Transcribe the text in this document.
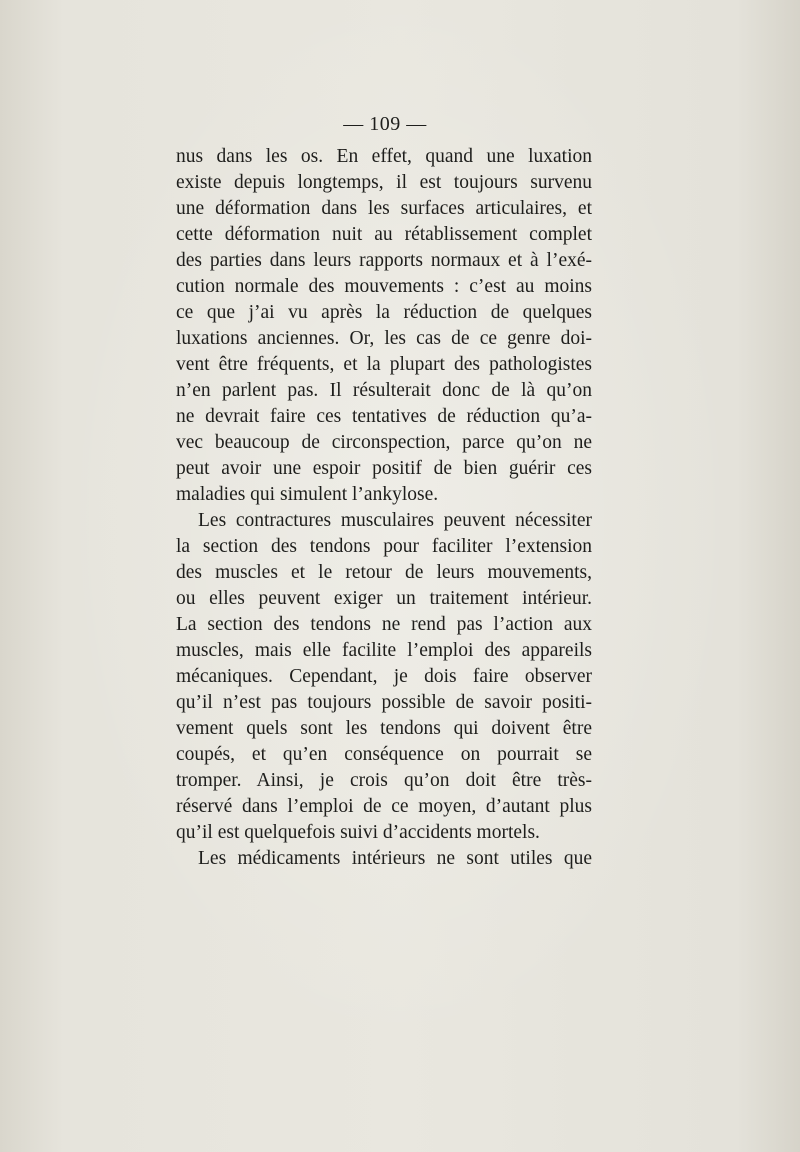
— 109 —
nus dans les os. En effet, quand une luxation
existe depuis longtemps, il est toujours survenu
une déformation dans les surfaces articulaires, et
cette déformation nuit au rétablissement complet
des parties dans leurs rapports normaux et à l’exé-
cution normale des mouvements : c’est au moins
ce que j’ai vu après la réduction de quelques
luxations anciennes. Or, les cas de ce genre doi-
vent être fréquents, et la plupart des pathologistes
n’en parlent pas. Il résulterait donc de là qu’on
ne devrait faire ces tentatives de réduction qu’a-
vec beaucoup de circonspection, parce qu’on ne
peut avoir une espoir positif de bien guérir ces
maladies qui simulent l’ankylose.
Les contractures musculaires peuvent nécessiter
la section des tendons pour faciliter l’extension
des muscles et le retour de leurs mouvements,
ou elles peuvent exiger un traitement intérieur.
La section des tendons ne rend pas l’action aux
muscles, mais elle facilite l’emploi des appareils
mécaniques. Cependant, je dois faire observer
qu’il n’est pas toujours possible de savoir positi-
vement quels sont les tendons qui doivent être
coupés, et qu’en conséquence on pourrait se
tromper. Ainsi, je crois qu’on doit être très-
réservé dans l’emploi de ce moyen, d’autant plus
qu’il est quelquefois suivi d’accidents mortels.
Les médicaments intérieurs ne sont utiles que
